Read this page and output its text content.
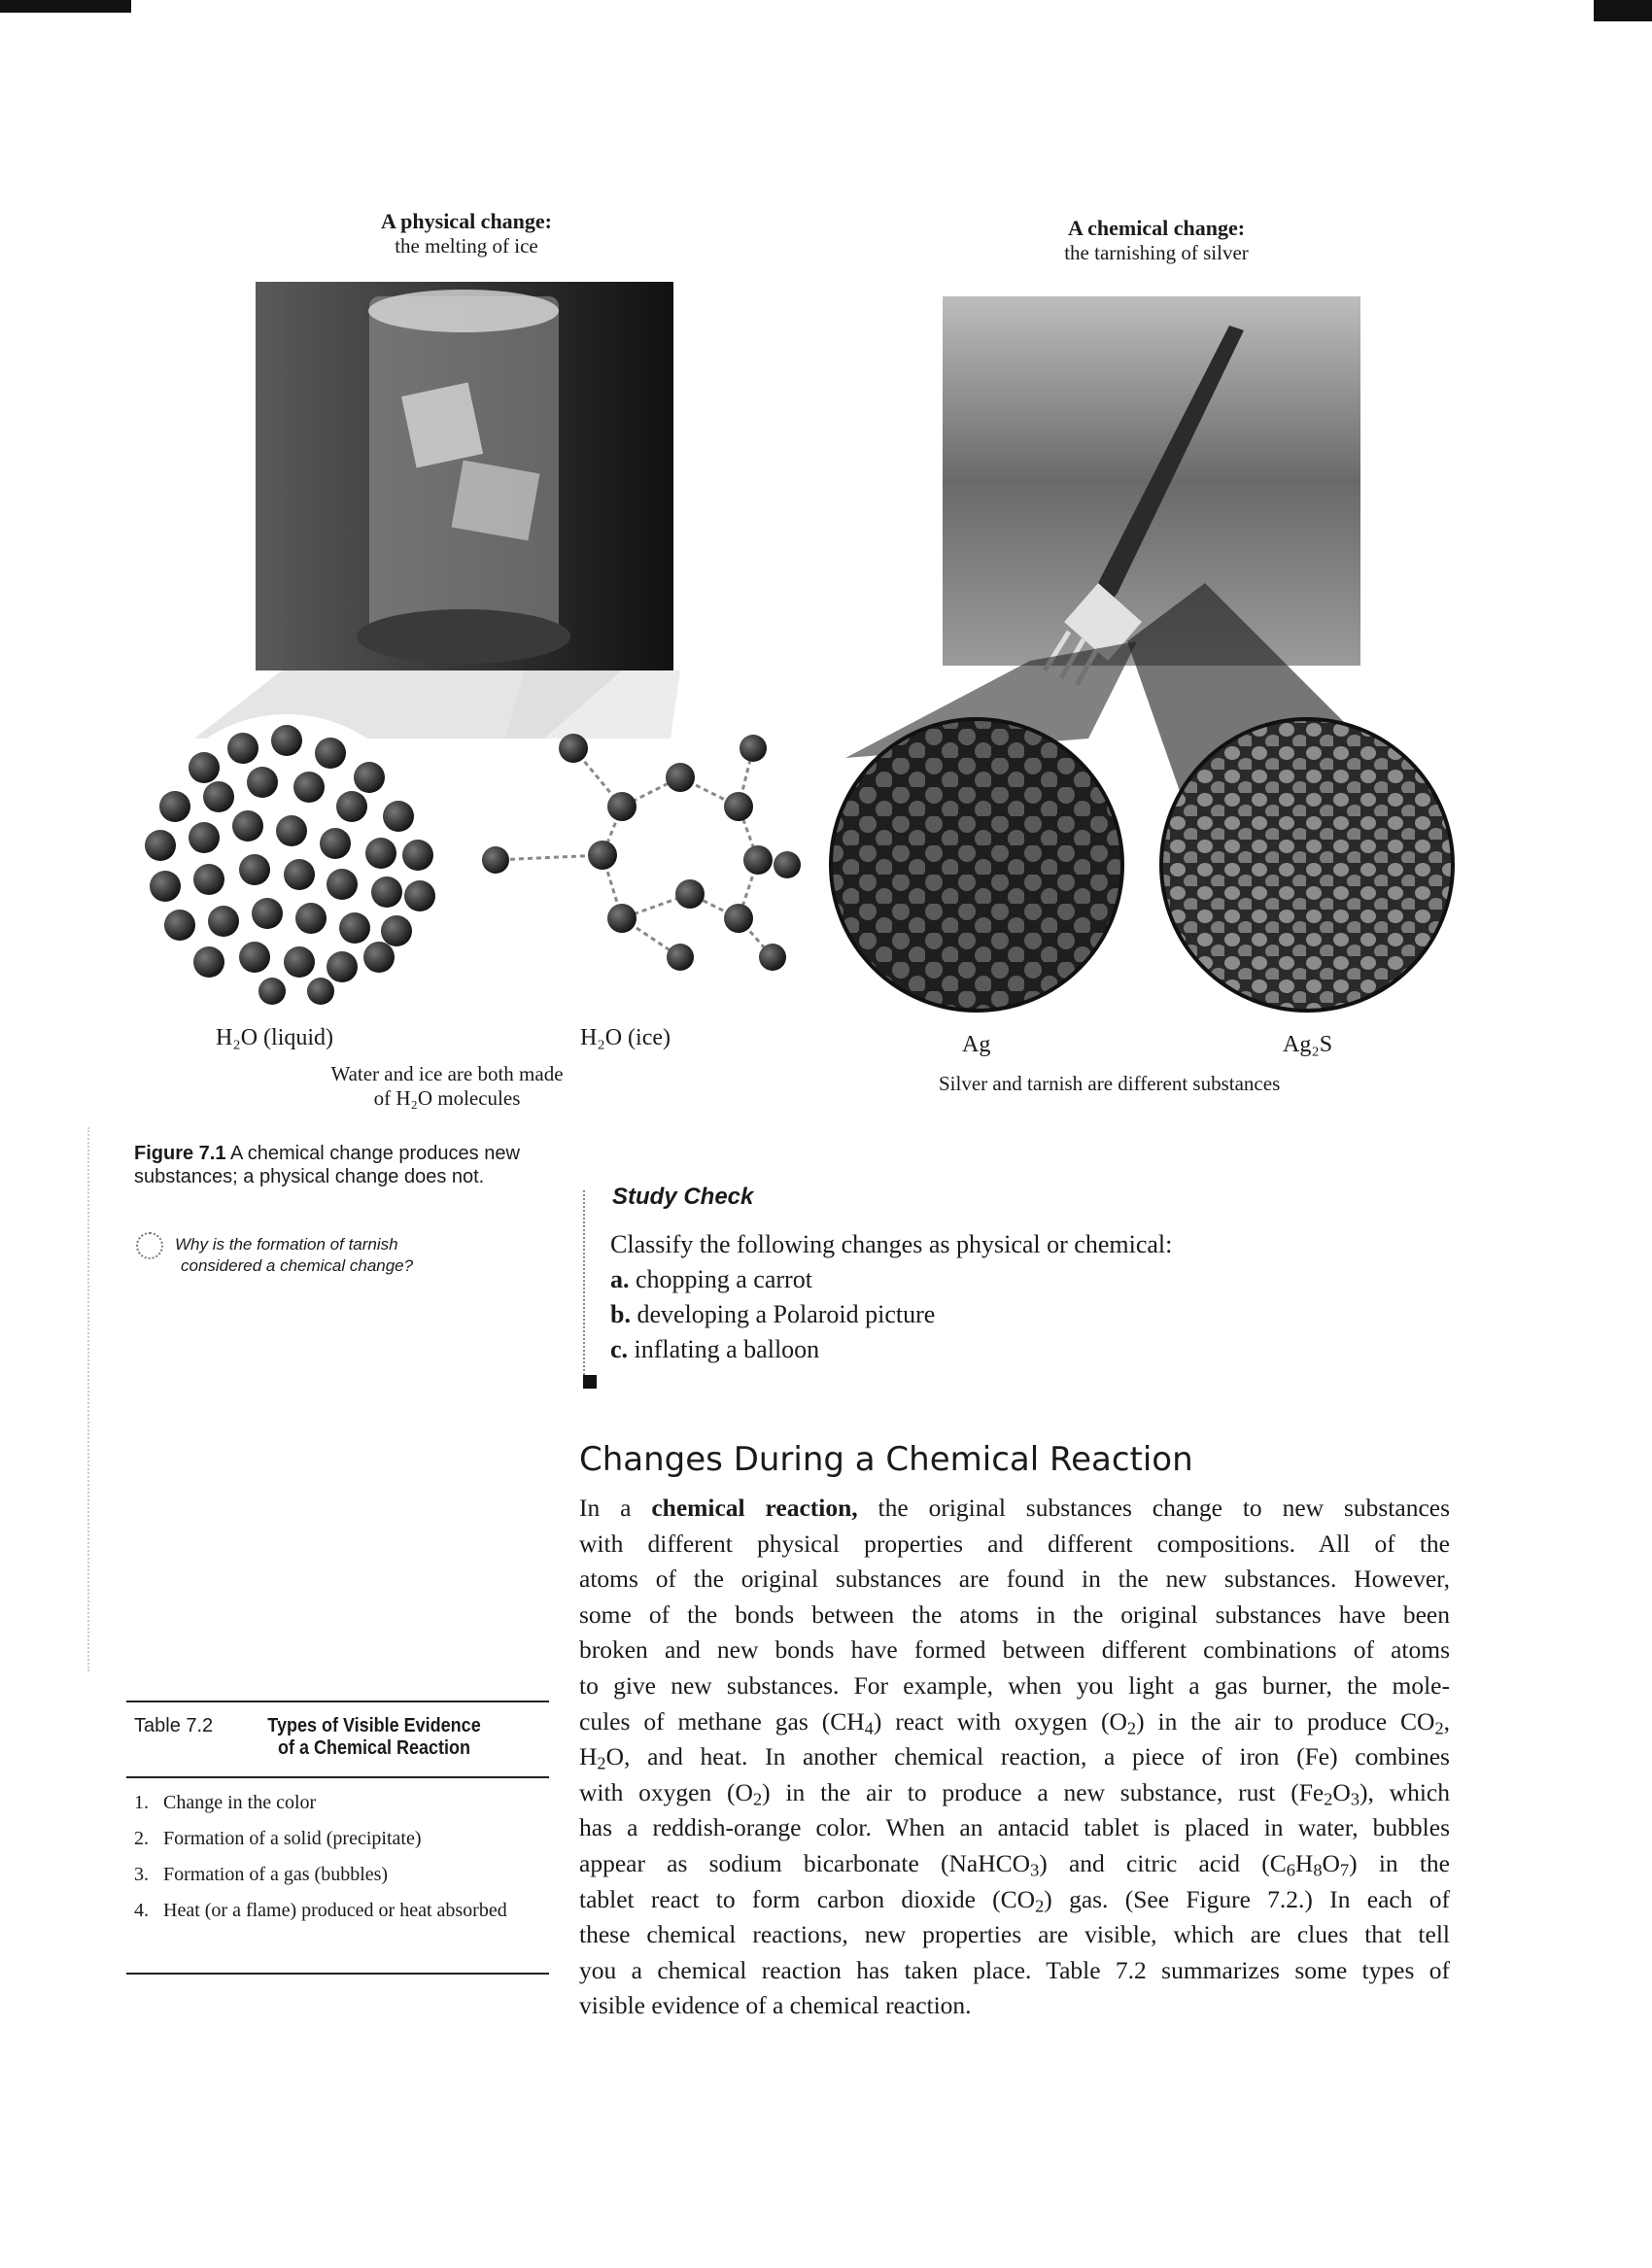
A physical change:
the melting of ice
A chemical change:
the tarnishing of silver
H₂O (liquid)	H₂O (ice)
Water and ice are both made
of H₂O molecules
Ag	Ag₂S
Silver and tarnish are different substances
Figure 7.1 A chemical change produces new substances; a physical change does not.
Why is the formation of tarnish
considered a chemical change?
Study Check
Classify the following changes as physical or chemical:
a. chopping a carrot
b. developing a Polaroid picture
c. inflating a balloon
Changes During a Chemical Reaction
In a chemical reaction, the original substances change to new substances
with different physical properties and different compositions. All of the
atoms of the original substances are found in the new substances. However,
some of the bonds between the atoms in the original substances have been
broken and new bonds have formed between different combinations of atoms
to give new substances. For example, when you light a gas burner, the mole-
cules of methane gas $(CH_4)$ react with oxygen $(O_2)$ in the air to produce $CO_2$,
$H_2O$, and heat. In another chemical reaction, a piece of iron (Fe) combines
with oxygen $(O_2)$ in the air to produce a new substance, rust $(Fe_2O_3)$, which
has a reddish-orange color. When an antacid tablet is placed in water, bubbles
appear as sodium bicarbonate (NaHCO$_3$) and citric acid $(C_6H_8O_7)$ in the
tablet react to form carbon dioxide $(CO_2)$ gas. (See Figure 7.2.) In each of
these chemical reactions, new properties are visible, which are clues that tell
you a chemical reaction has taken place. Table 7.2 summarizes some types of
visible evidence of a chemical reaction.
Table 7.2	Types of Visible Evidence
of a Chemical Reaction
1. Change in the color
2. Formation of a solid (precipitate)
3. Formation of a gas (bubbles)
4. Heat (or a flame) produced or heat absorbed
